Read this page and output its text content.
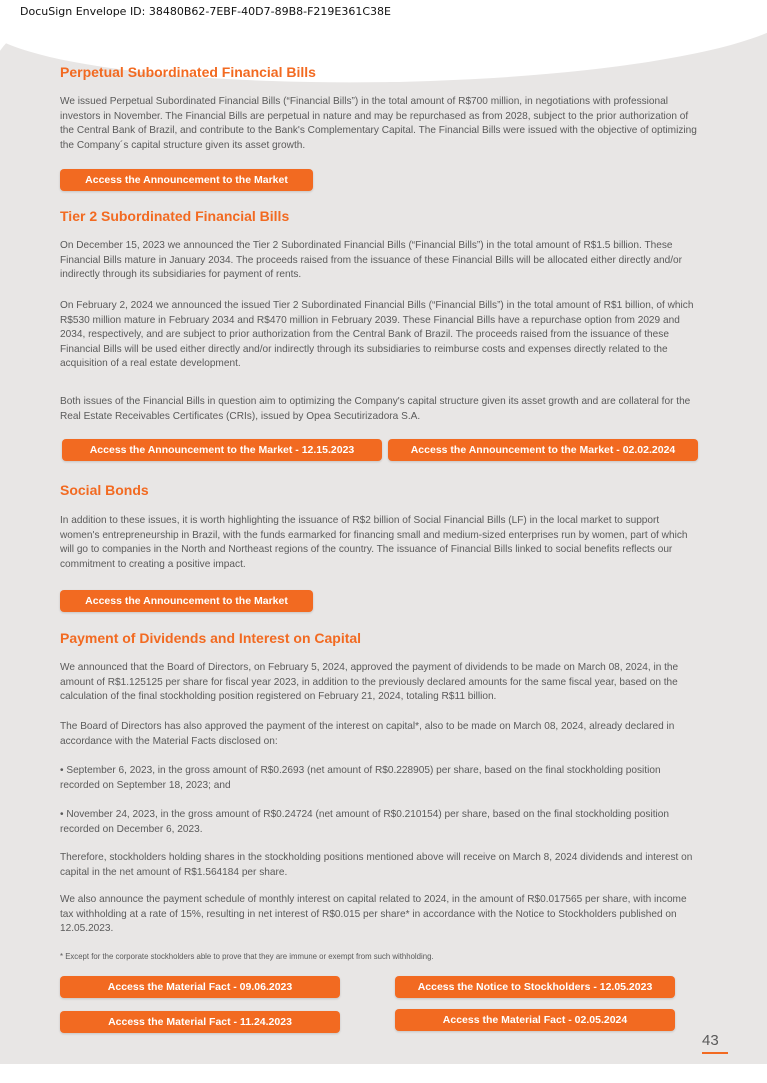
DocuSign Envelope ID: 38480B62-7EBF-40D7-89B8-F219E361C38E
Perpetual Subordinated Financial Bills

We issued Perpetual Subordinated Financial Bills (“Financial Bills”) in the total amount of R$700 million, in negotiations with professional investors in November. The Financial Bills are perpetual in nature and may be repurchased as from 2028, subject to the prior authorization of the Central Bank of Brazil, and contribute to the Bank's Complementary Capital. The Financial Bills were issued with the objective of optimizing the Company´s capital structure given its asset growth.

Access the Announcement to the Market
Tier 2 Subordinated Financial Bills

On December 15, 2023 we announced the Tier 2 Subordinated Financial Bills (“Financial Bills”) in the total amount of R$1.5 billion. These Financial Bills mature in January 2034. The proceeds raised from the issuance of these Financial Bills will be allocated either directly and/or indirectly through its subsidiaries for payment of rents.

On February 2, 2024 we announced the issued Tier 2 Subordinated Financial Bills (“Financial Bills”) in the total amount of R$1 billion, of which R$530 million mature in February 2034 and R$470 million in February 2039. These Financial Bills have a repurchase option from 2029 and 2034, respectively, and are subject to prior authorization from the Central Bank of Brazil. The proceeds raised from the issuance of these Financial Bills will be used either directly and/or indirectly through its subsidiaries to reimburse costs and expenses directly related to the acquisition of a real estate development.

Both issues of the Financial Bills in question aim to optimizing the Company's capital structure given its asset growth and are collateral for the Real Estate Receivables Certificates (CRIs), issued by Opea Secutirizadora S.A.

Access the Announcement to the Market - 12.15.2023	Access the Announcement to the Market - 02.02.2024
Social Bonds

In addition to these issues, it is worth highlighting the issuance of R$2 billion of Social Financial Bills (LF) in the local market to support women's entrepreneurship in Brazil, with the funds earmarked for financing small and medium-sized enterprises run by women, part of which will go to companies in the North and Northeast regions of the country. The issuance of Financial Bills linked to social benefits reflects our commitment to creating a positive impact.

Access the Announcement to the Market
Payment of Dividends and Interest on Capital

We announced that the Board of Directors, on February 5, 2024, approved the payment of dividends to be made on March 08, 2024, in the amount of R$1.125125 per share for fiscal year 2023, in addition to the previously declared amounts for the same fiscal year, based on the calculation of the final stockholding position registered on February 21, 2024, totaling R$11 billion.

The Board of Directors has also approved the payment of the interest on capital*, also to be made on March 08, 2024, already declared in accordance with the Material Facts disclosed on:

• September 6, 2023, in the gross amount of R$0.2693 (net amount of R$0.228905) per share, based on the final stockholding position recorded on September 18, 2023; and

• November 24, 2023, in the gross amount of R$0.24724 (net amount of R$0.210154) per share, based on the final stockholding position recorded on December 6, 2023.

Therefore, stockholders holding shares in the stockholding positions mentioned above will receive on March 8, 2024 dividends and interest on capital in the net amount of R$1.564184 per share.

We also announce the payment schedule of monthly interest on capital related to 2024, in the amount of R$0.017565 per share, with income tax withholding at a rate of 15%, resulting in net interest of R$0.015 per share* in accordance with the Notice to Stockholders published on 12.05.2023.

* Except for the corporate stockholders able to prove that they are immune or exempt from such withholding.

Access the Material Fact - 09.06.2023	Access the Notice to Stockholders - 12.05.2023
Access the Material Fact - 11.24.2023	Access the Material Fact - 02.05.2024
43
